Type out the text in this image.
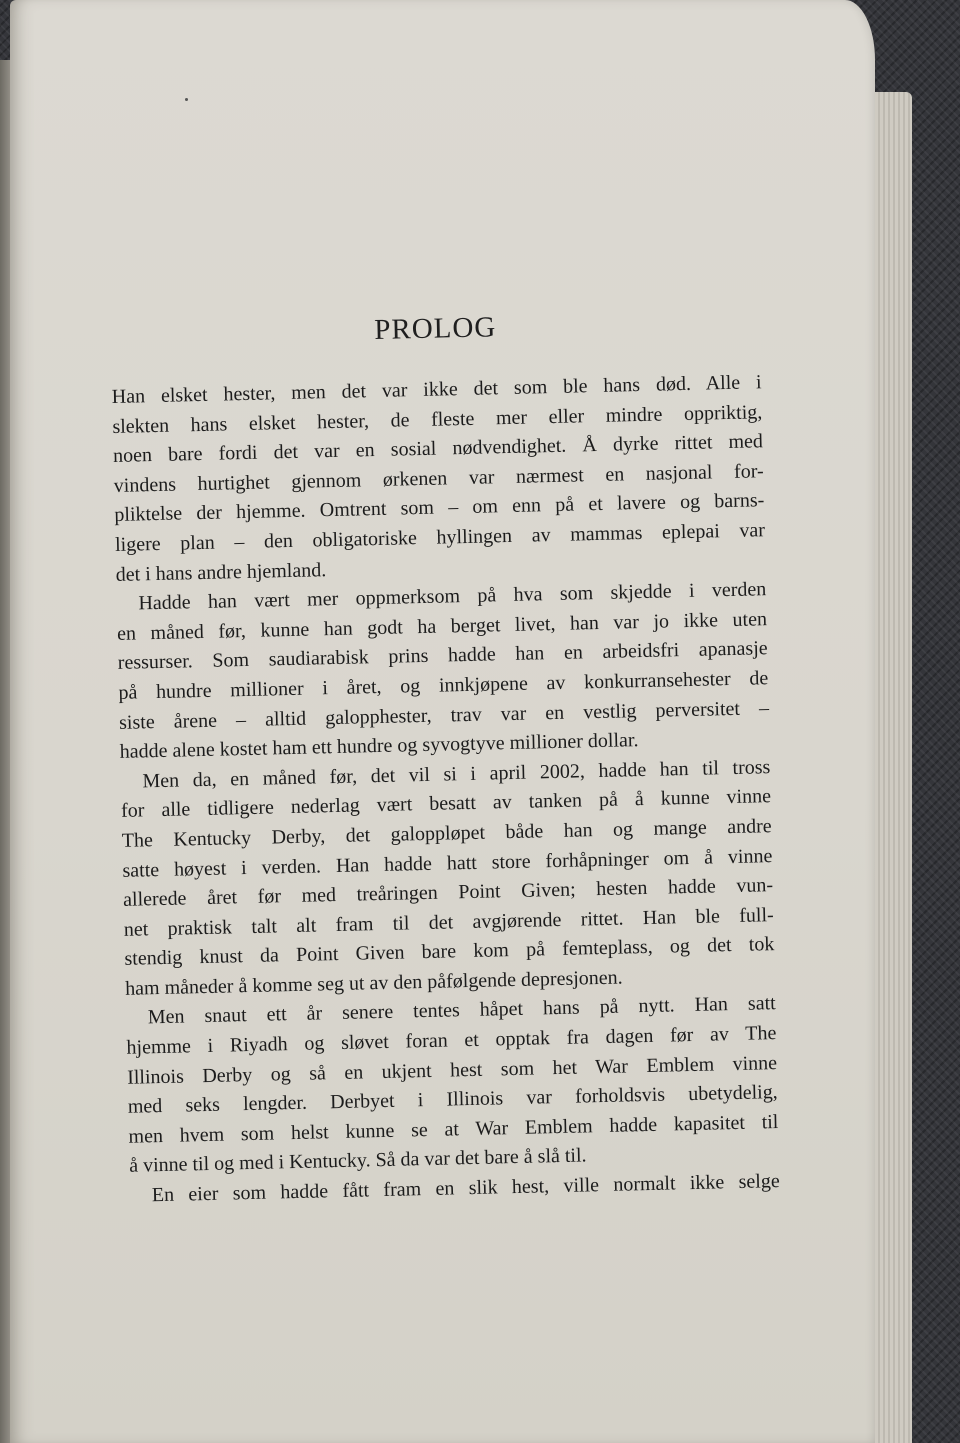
PROLOG
Han elsket hester, men det var ikke det som ble hans død. Alle i
slekten hans elsket hester, de fleste mer eller mindre oppriktig,
noen bare fordi det var en sosial nødvendighet. Å dyrke rittet med
vindens hurtighet gjennom ørkenen var nærmest en nasjonal for-
pliktelse der hjemme. Omtrent som – om enn på et lavere og barns-
ligere plan – den obligatoriske hyllingen av mammas eplepai var
det i hans andre hjemland.
Hadde han vært mer oppmerksom på hva som skjedde i verden
en måned før, kunne han godt ha berget livet, han var jo ikke uten
ressurser. Som saudiarabisk prins hadde han en arbeidsfri apanasje
på hundre millioner i året, og innkjøpene av konkurransehester de
siste årene – alltid galopphester, trav var en vestlig perversitet –
hadde alene kostet ham ett hundre og syvogtyve millioner dollar.
Men da, en måned før, det vil si i april 2002, hadde han til tross
for alle tidligere nederlag vært besatt av tanken på å kunne vinne
The Kentucky Derby, det galoppløpet både han og mange andre
satte høyest i verden. Han hadde hatt store forhåpninger om å vinne
allerede året før med treåringen Point Given; hesten hadde vun-
net praktisk talt alt fram til det avgjørende rittet. Han ble full-
stendig knust da Point Given bare kom på femteplass, og det tok
ham måneder å komme seg ut av den påfølgende depresjonen.
Men snaut ett år senere tentes håpet hans på nytt. Han satt
hjemme i Riyadh og sløvet foran et opptak fra dagen før av The
Illinois Derby og så en ukjent hest som het War Emblem vinne
med seks lengder. Derbyet i Illinois var forholdsvis ubetydelig,
men hvem som helst kunne se at War Emblem hadde kapasitet til
å vinne til og med i Kentucky. Så da var det bare å slå til.
En eier som hadde fått fram en slik hest, ville normalt ikke selge
